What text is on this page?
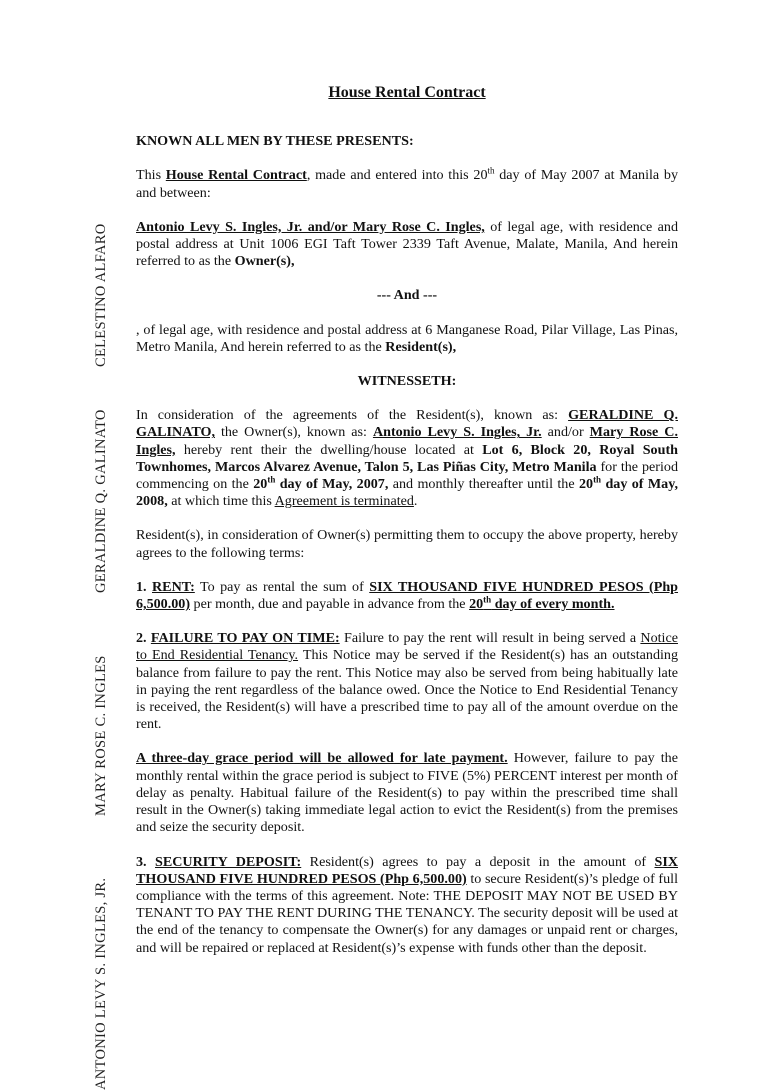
CELESTINO ALFARO
GERALDINE Q. GALINATO
MARY ROSE C. INGLES
ANTONIO LEVY S. INGLES, JR.
House Rental Contract

KNOWN ALL MEN BY THESE PRESENTS:

This House Rental Contract, made and entered into this 20th day of May 2007 at Manila by and between:

Antonio Levy S. Ingles, Jr. and/or Mary Rose C. Ingles, of legal age, with residence and postal address at Unit 1006 EGI Taft Tower 2339 Taft Avenue, Malate, Manila, And herein referred to as the Owner(s),

--- And ---

, of legal age, with residence and postal address at 6 Manganese Road, Pilar Village, Las Pinas, Metro Manila, And herein referred to as the Resident(s),

WITNESSETH:

In consideration of the agreements of the Resident(s), known as: GERALDINE Q. GALINATO, the Owner(s), known as: Antonio Levy S. Ingles, Jr. and/or Mary Rose C. Ingles, hereby rent their the dwelling/house located at Lot 6, Block 20, Royal South Townhomes, Marcos Alvarez Avenue, Talon 5, Las Piñas City, Metro Manila for the period commencing on the 20th day of May, 2007, and monthly thereafter until the 20th day of May, 2008, at which time this Agreement is terminated.

Resident(s), in consideration of Owner(s) permitting them to occupy the above property, hereby agrees to the following terms:

1. RENT: To pay as rental the sum of SIX THOUSAND FIVE HUNDRED PESOS (Php 6,500.00) per month, due and payable in advance from the 20th day of every month.

2. FAILURE TO PAY ON TIME: Failure to pay the rent will result in being served a Notice to End Residential Tenancy. This Notice may be served if the Resident(s) has an outstanding balance from failure to pay the rent. This Notice may also be served from being habitually late in paying the rent regardless of the balance owed. Once the Notice to End Residential Tenancy is received, the Resident(s) will have a prescribed time to pay all of the amount overdue on the rent.

A three-day grace period will be allowed for late payment. However, failure to pay the monthly rental within the grace period is subject to FIVE (5%) PERCENT interest per month of delay as penalty. Habitual failure of the Resident(s) to pay within the prescribed time shall result in the Owner(s) taking immediate legal action to evict the Resident(s) from the premises and seize the security deposit.

3. SECURITY DEPOSIT: Resident(s) agrees to pay a deposit in the amount of SIX THOUSAND FIVE HUNDRED PESOS (Php 6,500.00) to secure Resident(s)’s pledge of full compliance with the terms of this agreement. Note: THE DEPOSIT MAY NOT BE USED BY TENANT TO PAY THE RENT DURING THE TENANCY. The security deposit will be used at the end of the tenancy to compensate the Owner(s) for any damages or unpaid rent or charges, and will be repaired or replaced at Resident(s)’s expense with funds other than the deposit.
